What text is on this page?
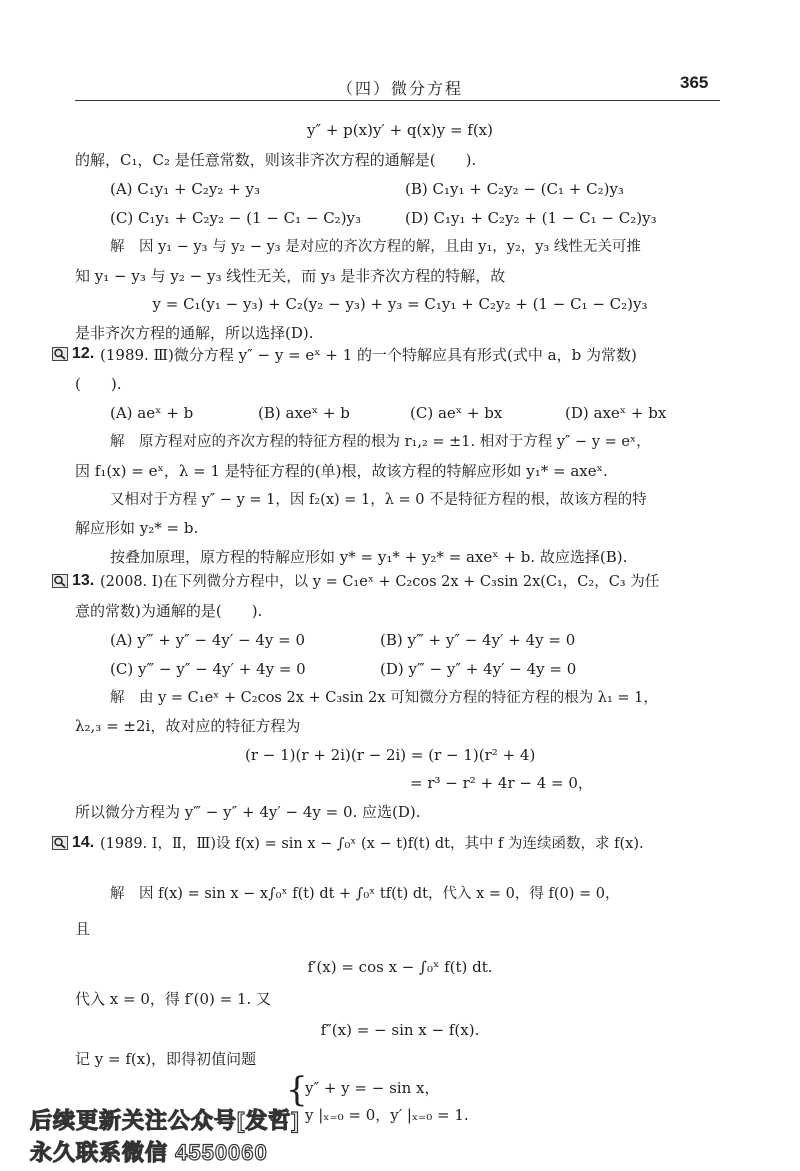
（四）微分方程	365
y″ + p(x)y′ + q(x)y = f(x)
的解，C₁，C₂ 是任意常数，则该非齐次方程的通解是(　　).
(A) C₁y₁ + C₂y₂ + y₃	(B) C₁y₁ + C₂y₂ − (C₁ + C₂)y₃
(C) C₁y₁ + C₂y₂ − (1 − C₁ − C₂)y₃	(D) C₁y₁ + C₂y₂ + (1 − C₁ − C₂)y₃
解　因 y₁ − y₃ 与 y₂ − y₃ 是对应的齐次方程的解，且由 y₁，y₂，y₃ 线性无关可推
知 y₁ − y₃ 与 y₂ − y₃ 线性无关，而 y₃ 是非齐次方程的特解，故
y = C₁(y₁ − y₃) + C₂(y₂ − y₃) + y₃ = C₁y₁ + C₂y₂ + (1 − C₁ − C₂)y₃
是非齐次方程的通解，所以选择(D).
12. (1989. Ⅲ)微分方程 y″ − y = eˣ + 1 的一个特解应具有形式(式中 a，b 为常数)
(　　).
(A) aeˣ + b	(B) axeˣ + b	(C) aeˣ + bx	(D) axeˣ + bx
解　原方程对应的齐次方程的特征方程的根为 r₁,₂ = ±1. 相对于方程 y″ − y = eˣ，
因 f₁(x) = eˣ，λ = 1 是特征方程的(单)根，故该方程的特解应形如 y₁* = axeˣ.
又相对于方程 y″ − y = 1，因 f₂(x) = 1，λ = 0 不是特征方程的根，故该方程的特
解应形如 y₂* = b.
按叠加原理，原方程的特解应形如 y* = y₁* + y₂* = axeˣ + b. 故应选择(B).
13. (2008. Ⅰ)在下列微分方程中，以 y = C₁eˣ + C₂cos 2x + C₃sin 2x(C₁，C₂，C₃ 为任
意的常数)为通解的是(　　).
(A) y‴ + y″ − 4y′ − 4y = 0	(B) y‴ + y″ − 4y′ + 4y = 0
(C) y‴ − y″ − 4y′ + 4y = 0	(D) y‴ − y″ + 4y′ − 4y = 0
解　由 y = C₁eˣ + C₂cos 2x + C₃sin 2x 可知微分方程的特征方程的根为 λ₁ = 1，
λ₂,₃ = ±2i，故对应的特征方程为
(r − 1)(r + 2i)(r − 2i) = (r − 1)(r² + 4)
= r³ − r² + 4r − 4 = 0，
所以微分方程为 y‴ − y″ + 4y′ − 4y = 0. 应选(D).
14. (1989. Ⅰ，Ⅱ，Ⅲ)设 f(x) = sin x − ∫₀ˣ (x − t)f(t) dt，其中 f 为连续函数，求 f(x).
解　因 f(x) = sin x − x∫₀ˣ f(t) dt + ∫₀ˣ tf(t) dt，代入 x = 0，得 f(0) = 0，
且
f′(x) = cos x − ∫₀ˣ f(t) dt.
代入 x = 0，得 f′(0) = 1. 又
f″(x) = − sin x − f(x).
记 y = f(x)，即得初值问题
{
y″ + y = − sin x，
y |ₓ₌₀ = 0，y′ |ₓ₌₀ = 1.
后续更新关注公众号[发哲]
永久联系微信 4550060
